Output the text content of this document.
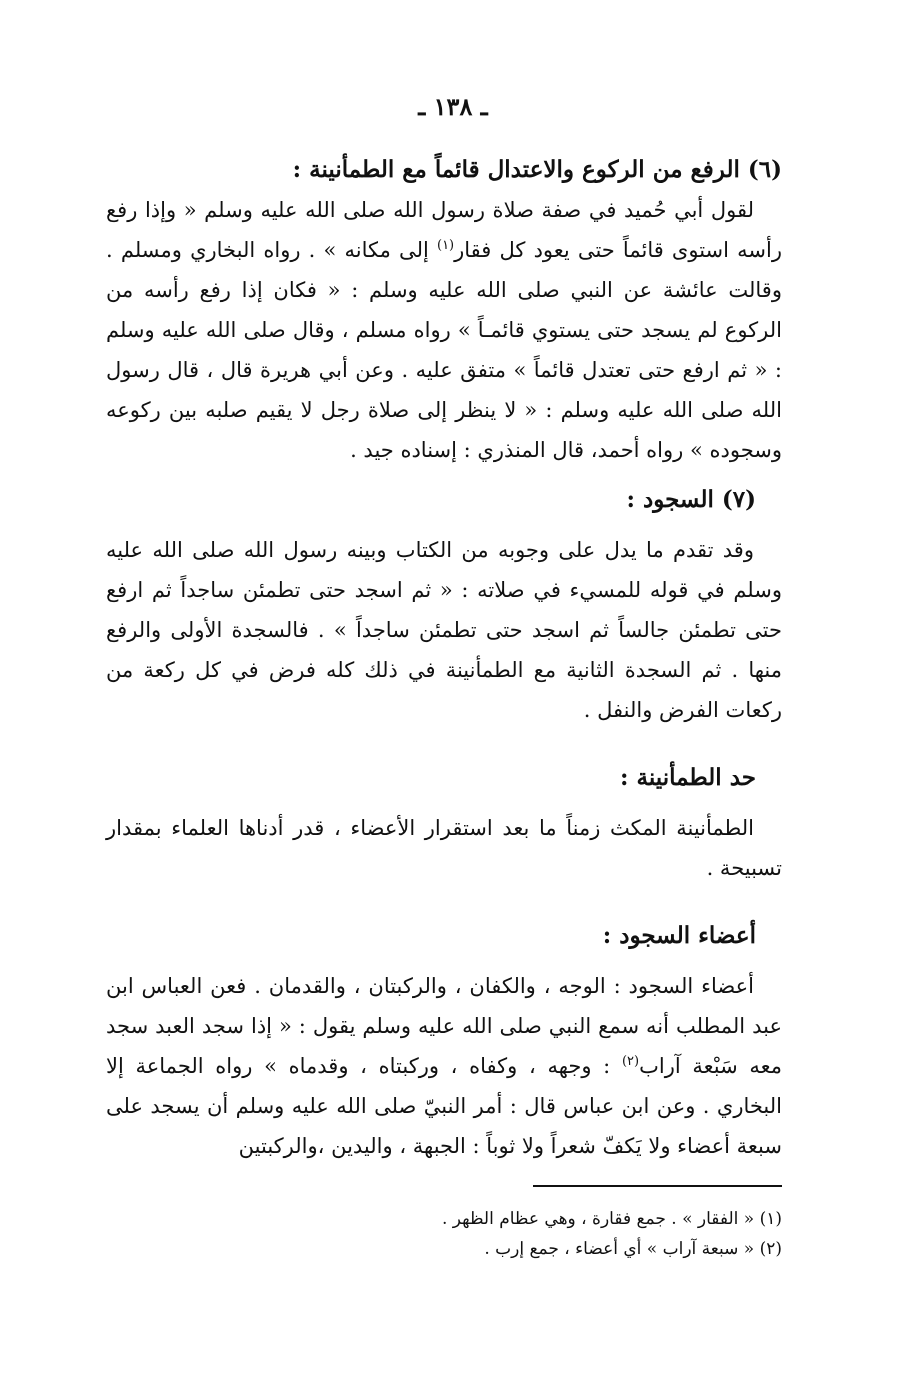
ـ ١٣٨ ـ

(٦) الرفع من الركوع والاعتدال قائماً مع الطمأنينة :

لقول أبي حُميد في صفة صلاة رسول الله صلى الله عليه وسلم « وإذا رفع رأسه استوى قائماً حتى يعود كل فقار$^{(١)}$ إلى مكانه » . رواه البخاري ومسلم . وقالت عائشة عن النبي صلى الله عليه وسلم : « فكان إذا رفع رأسه من الركوع لم يسجد حتى يستوي قائمـاً » رواه مسلم ، وقال صلى الله عليه وسلم : « ثم ارفع حتى تعتدل قائماً » متفق عليه . وعن أبي هريرة قال ، قال رسول الله صلى الله عليه وسلم : « لا ينظر إلى صلاة رجل لا يقيم صلبه بين ركوعه وسجوده » رواه أحمد، قال المنذري : إسناده جيد .

(٧) السجود :

وقد تقدم ما يدل على وجوبه من الكتاب وبينه رسول الله صلى الله عليه وسلم في قوله للمسيء في صلاته : « ثم اسجد حتى تطمئن ساجداً ثم ارفع حتى تطمئن جالساً ثم اسجد حتى تطمئن ساجداً » . فالسجدة الأولى والرفع منها . ثم السجدة الثانية مع الطمأنينة في ذلك كله فرض في كل ركعة من ركعات الفرض والنفل .

حد الطمأنينة :

الطمأنينة المكث زمناً ما بعد استقرار الأعضاء ، قدر أدناها العلماء بمقدار تسبيحة .

أعضاء السجود :

أعضاء السجود : الوجه ، والكفان ، والركبتان ، والقدمان . فعن العباس ابن عبد المطلب أنه سمع النبي صلى الله عليه وسلم يقول : « إذا سجد العبد سجد معه سَبْعة آراب$^{(٢)}$ : وجهه ، وكفاه ، وركبتاه ، وقدماه » رواه الجماعة إلا البخاري . وعن ابن عباس قال : أمر النبيّ صلى الله عليه وسلم أن يسجد على سبعة أعضاء ولا يَكفّ شعراً ولا ثوباً : الجبهة ، واليدين ،والركبتين

(١) « الفقار » . جمع فقارة ، وهي عظام الظهر .

(٢) « سبعة آراب » أي أعضاء ، جمع إرب .
